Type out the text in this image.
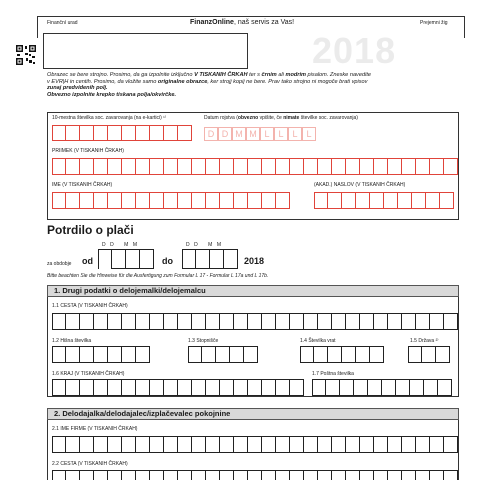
Finanční urad	FinanzOnline, naš servis za Vas!	Prejemni žig
2018
Obrazec se bere strojno. Prosimo, da ga izpolnite izključno V TISKANIH ČRKAH ter s črnim ali modrim pisalom. Zneske navedite
v EVR|H in centih. Prosimo, da vložite samo originalne obrazce, ker strojj kopij ne bere. Prav tako strojno ni mogoče brati vpisov
zunaj predvidenih polj.
Obvezno izpolnite krepko tiskana polja/okvirčke.
10-mestna številka soc. zavarovanja (na e-kartici) ¹⁾	Datum rojstva (obvezno vpišite, če nimate številke soc. zavarovanja)
D D M M L L L L
PRIIMEK (V TISKANIH ČRKAH)
IME (V TISKANIH ČRKAH)	(AKAD.) NASLOV (V TISKANIH ČRKAH)
Potrdilo o plači
za obdobje od
DD MM
do
DD MM
2018
Bitte beachten Sie die Hinweise für die Ausfertigung zum Formular L 17 - Formular L 17a und L 17b.
1. Drugi podatki o delojemalki/delojemalcu
1.1 CESTA (V TISKANIH ČRKAH)
1.2 Hišna številka	1.3 Stopnišče	1.4 Številka vrat	1.5 Država ²⁾
1.6 KRAJ (V TISKANIH ČRKAH)	1.7 Poštna številka
2. Delodajalka/delodajalec/izplačevalec pokojnine
2.1 IME FIRME (V TISKANIH ČRKAH)
2.2 CESTA (V TISKANIH ČRKAH)
